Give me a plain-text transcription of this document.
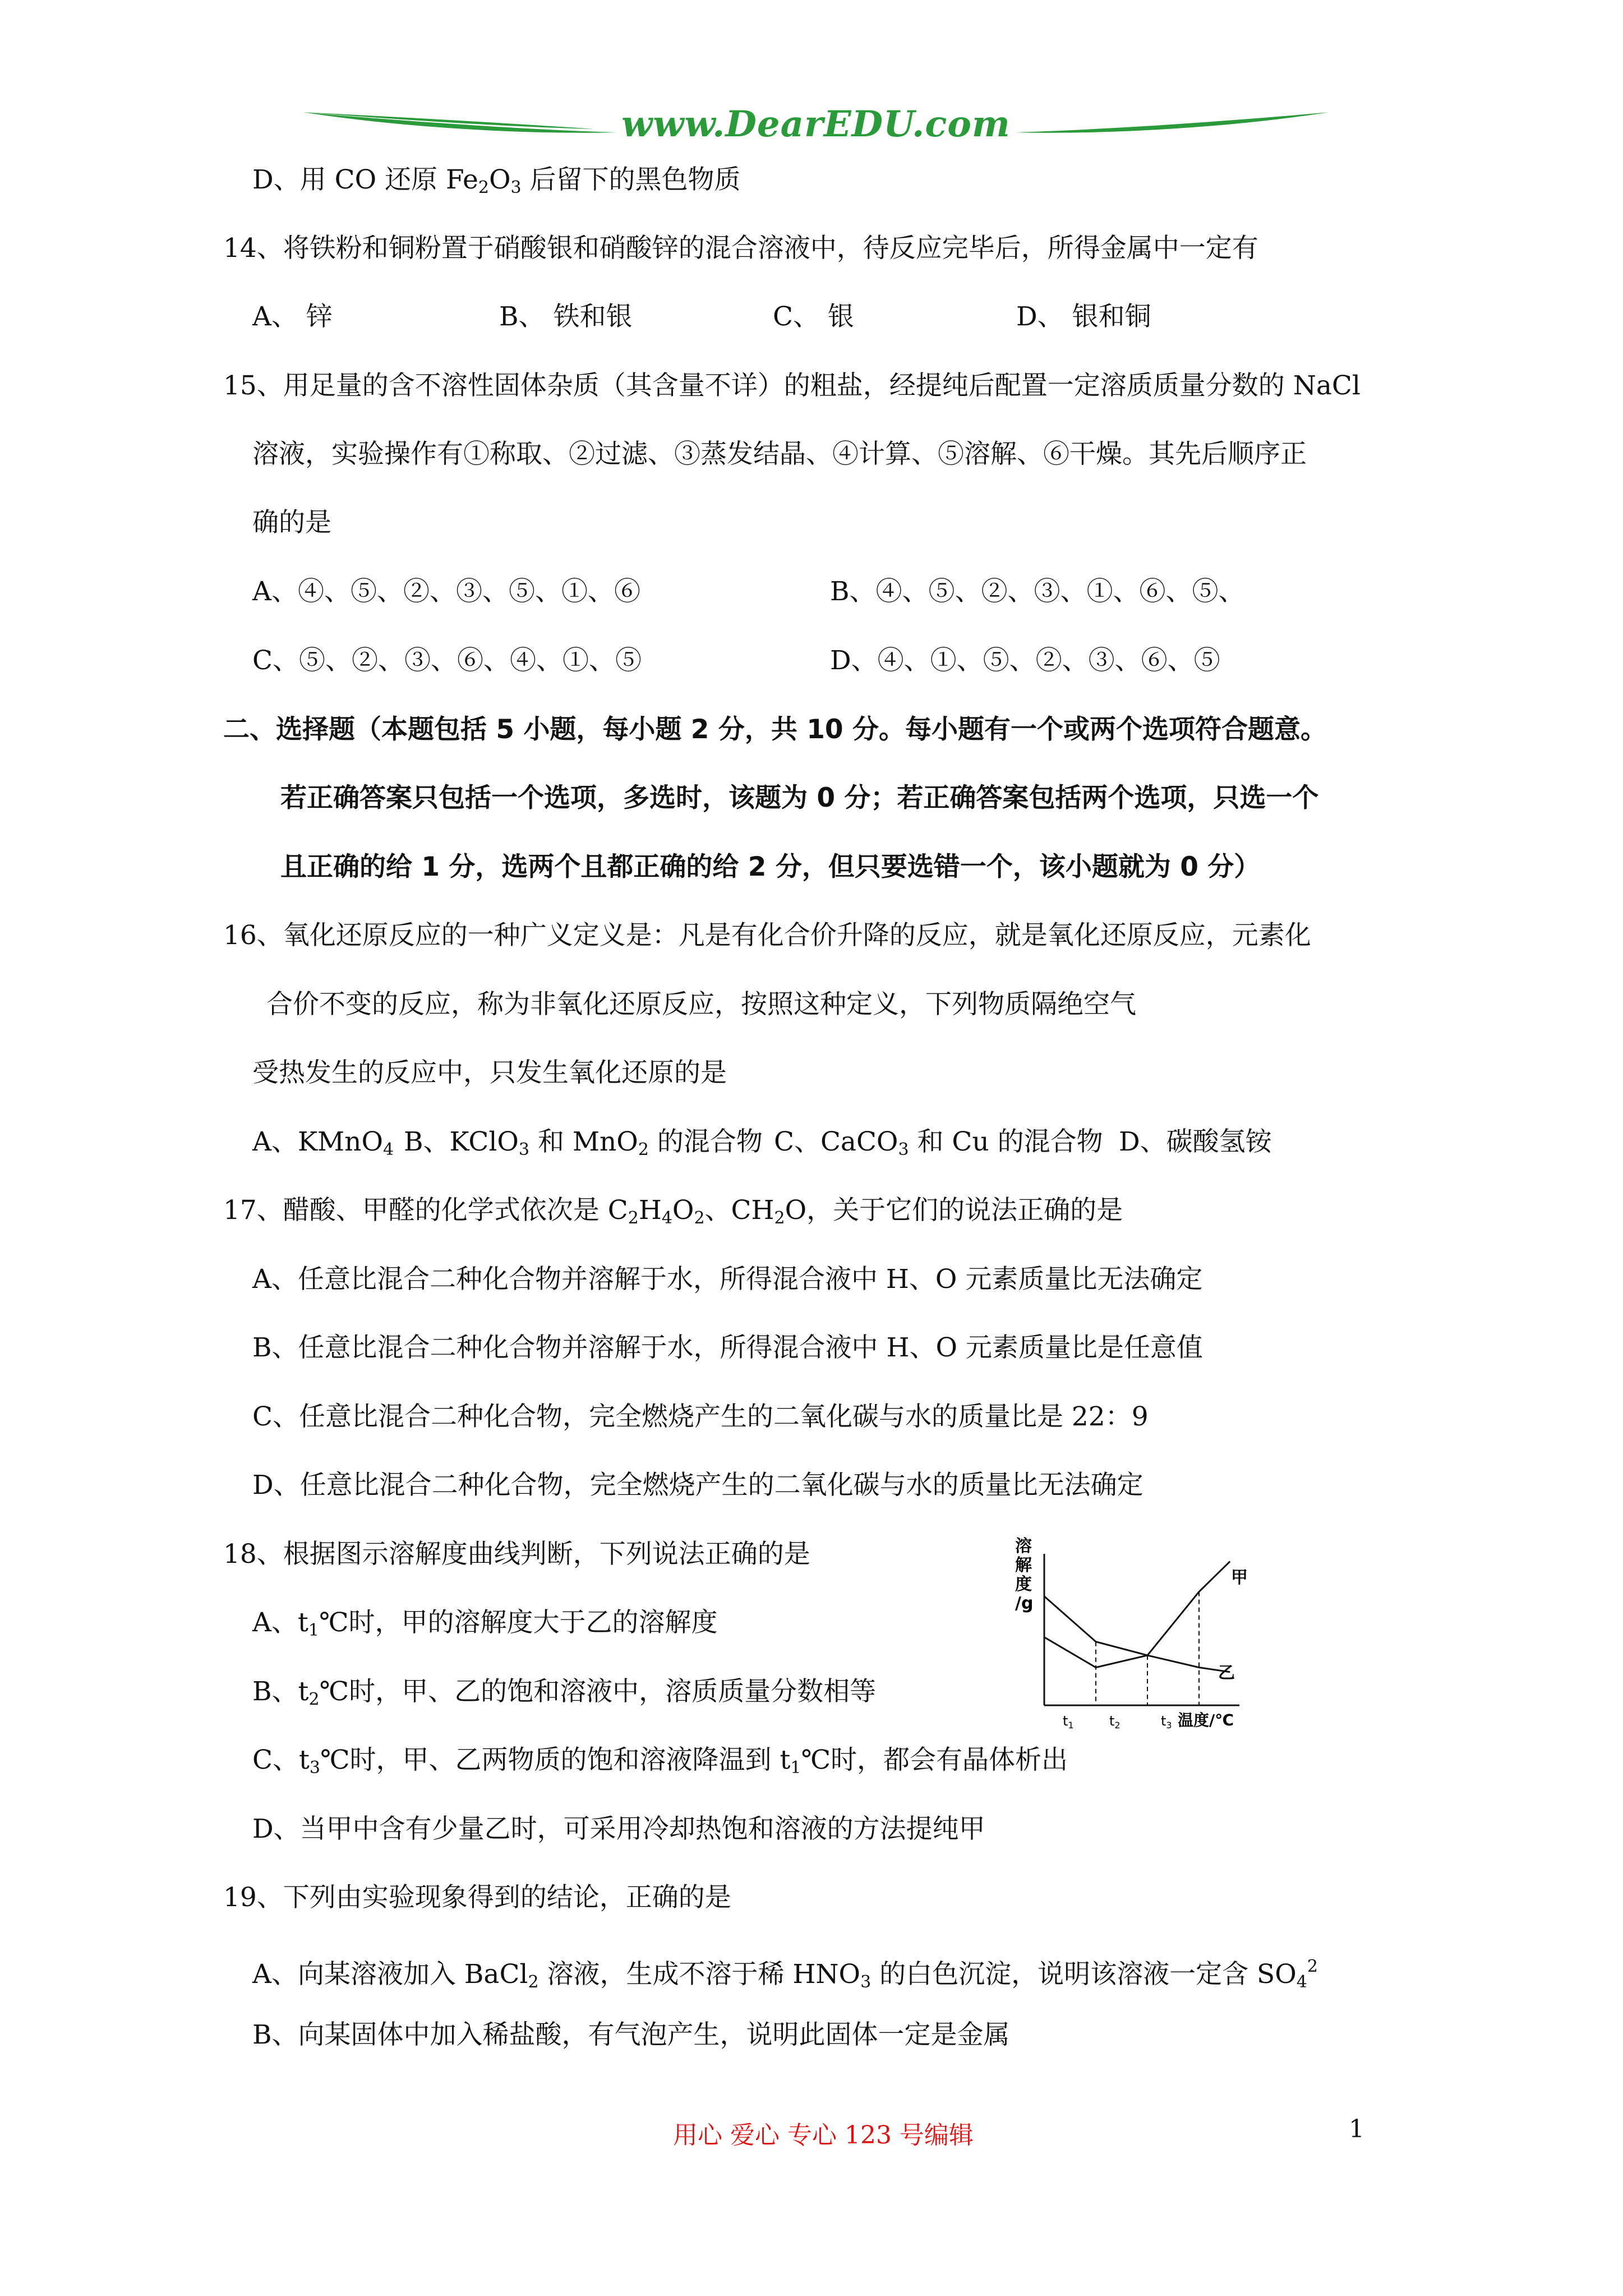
www.DearEDU.com
D、用 CO 还原 $Fe_2O_3$ 后留下的黑色物质
14、将铁粉和铜粉置于硝酸银和硝酸锌的混合溶液中，待反应完毕后，所得金属中一定有
A、 锌	B、 铁和银	C、 银	D、 银和铜
15、用足量的含不溶性固体杂质（其含量不详）的粗盐，经提纯后配置一定溶质质量分数的 NaCl
溶液，实验操作有①称取、②过滤、③蒸发结晶、④计算、⑤溶解、⑥干燥。其先后顺序正
确的是
A、④、⑤、②、③、⑤、①、⑥	B、④、⑤、②、③、①、⑥、⑤、
C、⑤、②、③、⑥、④、①、⑤	D、④、①、⑤、②、③、⑥、⑤
二、选择题（本题包括 5 小题，每小题 2 分，共 10 分。每小题有一个或两个选项符合题意。
若正确答案只包括一个选项，多选时，该题为 0 分；若正确答案包括两个选项，只选一个
且正确的给 1 分，选两个且都正确的给 2 分，但只要选错一个，该小题就为 0 分）
16、氧化还原反应的一种广义定义是：凡是有化合价升降的反应，就是氧化还原反应，元素化
合价不变的反应，称为非氧化还原反应，按照这种定义，下列物质隔绝空气
受热发生的反应中，只发生氧化还原的是
A、KMnO$_4$ B、KClO$_3$ 和 MnO$_2$ 的混合物 C、CaCO$_3$ 和 Cu 的混合物 D、碳酸氢铵
17、醋酸、甲醛的化学式依次是 $C_2H_4O_2$、$CH_2O$，关于它们的说法正确的是
A、任意比混合二种化合物并溶解于水，所得混合液中 H、O 元素质量比无法确定
B、任意比混合二种化合物并溶解于水，所得混合液中 H、O 元素质量比是任意值
C、任意比混合二种化合物，完全燃烧产生的二氧化碳与水的质量比是 22：9
D、任意比混合二种化合物，完全燃烧产生的二氧化碳与水的质量比无法确定
18、根据图示溶解度曲线判断，下列说法正确的是
A、$t_1℃$时，甲的溶解度大于乙的溶解度
B、$t_2℃$时，甲、乙的饱和溶液中，溶质质量分数相等
C、$t_3℃$时，甲、乙两物质的饱和溶液降温到 $t_1℃$时，都会有晶体析出
D、当甲中含有少量乙时，可采用冷却热饱和溶液的方法提纯甲
溶
解
度
/g
甲
乙
$t_1$	$t_2$	$t_3$ 温度/℃
19、下列由实验现象得到的结论，正确的是
A、向某溶液加入 BaCl$_2$ 溶液，生成不溶于稀 $HNO_3$ 的白色沉淀，说明该溶液一定含 $SO_4^2$
B、向某固体中加入稀盐酸，有气泡产生，说明此固体一定是金属
用心 爱心 专心 123 号编辑	1
